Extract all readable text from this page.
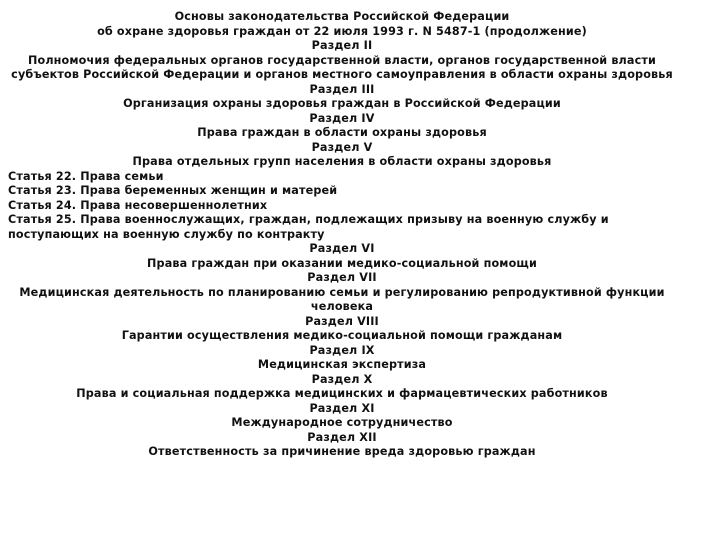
Основы законодательства Российской Федерации
об охране здоровья граждан от 22 июля 1993 г. N 5487-1 (продолжение)
Раздел II
Полномочия федеральных органов государственной власти, органов государственной власти субъектов Российской Федерации и органов местного самоуправления в области охраны здоровья
Раздел III
Организация охраны здоровья граждан в Российской Федерации
Раздел IV
Права граждан в области охраны здоровья
Раздел V
Права отдельных групп населения в области охраны здоровья
Статья 22. Права семьи
Статья 23. Права беременных женщин и матерей
Статья 24. Права несовершеннолетних
Статья 25. Права военнослужащих, граждан, подлежащих призыву на военную службу и поступающих на военную службу по контракту
Раздел VI
Права граждан при оказании медико-социальной помощи
Раздел VII
Медицинская деятельность по планированию семьи и регулированию репродуктивной функции человека
Раздел VIII
Гарантии осуществления медико-социальной помощи гражданам
Раздел IX
Медицинская экспертиза
Раздел X
Права и социальная поддержка медицинских и фармацевтических работников
Раздел XI
Международное сотрудничество
Раздел XII
Ответственность за причинение вреда здоровью граждан
